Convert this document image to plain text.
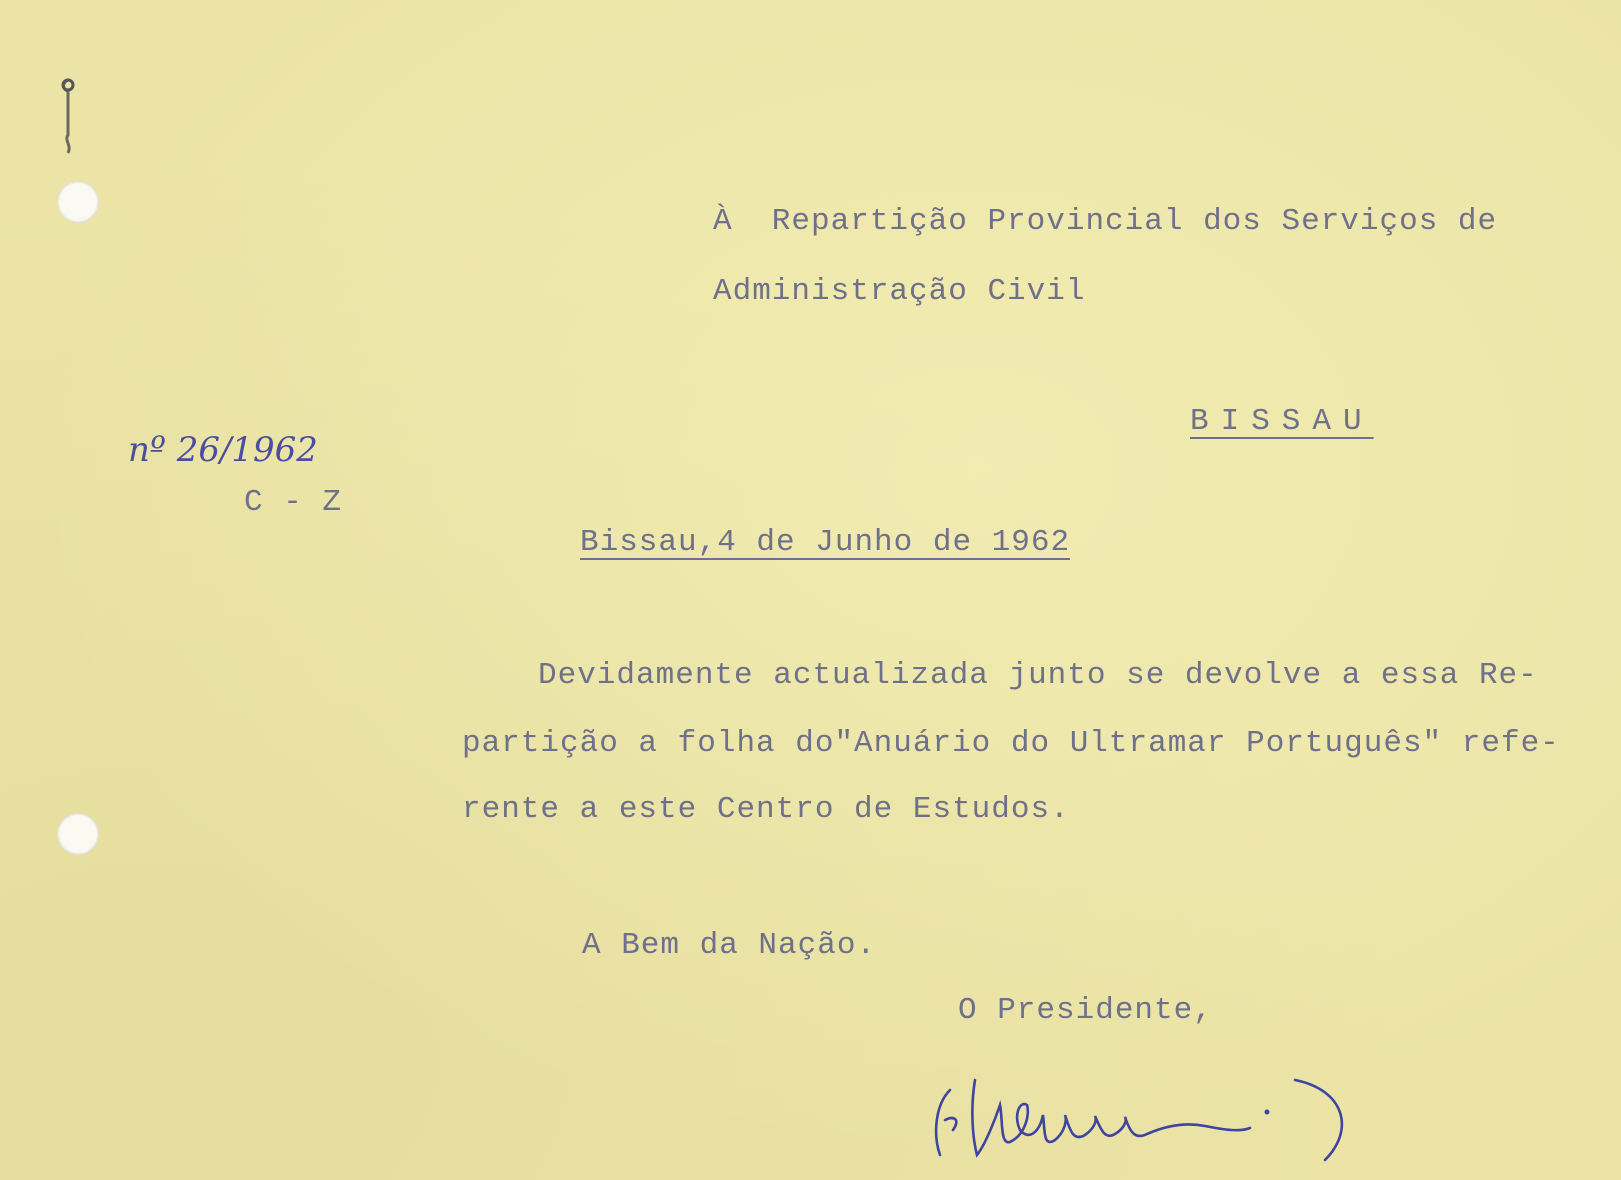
À  Repartição Provincial dos Serviços de
Administração Civil
BISSAU
nº 26/1962
C - Z
Bissau,4 de Junho de 1962
Devidamente actualizada junto se devolve a essa Re-
partição a folha do"Anuário do Ultramar Português" refe-
rente a este Centro de Estudos.
A Bem da Nação.
O Presidente,
